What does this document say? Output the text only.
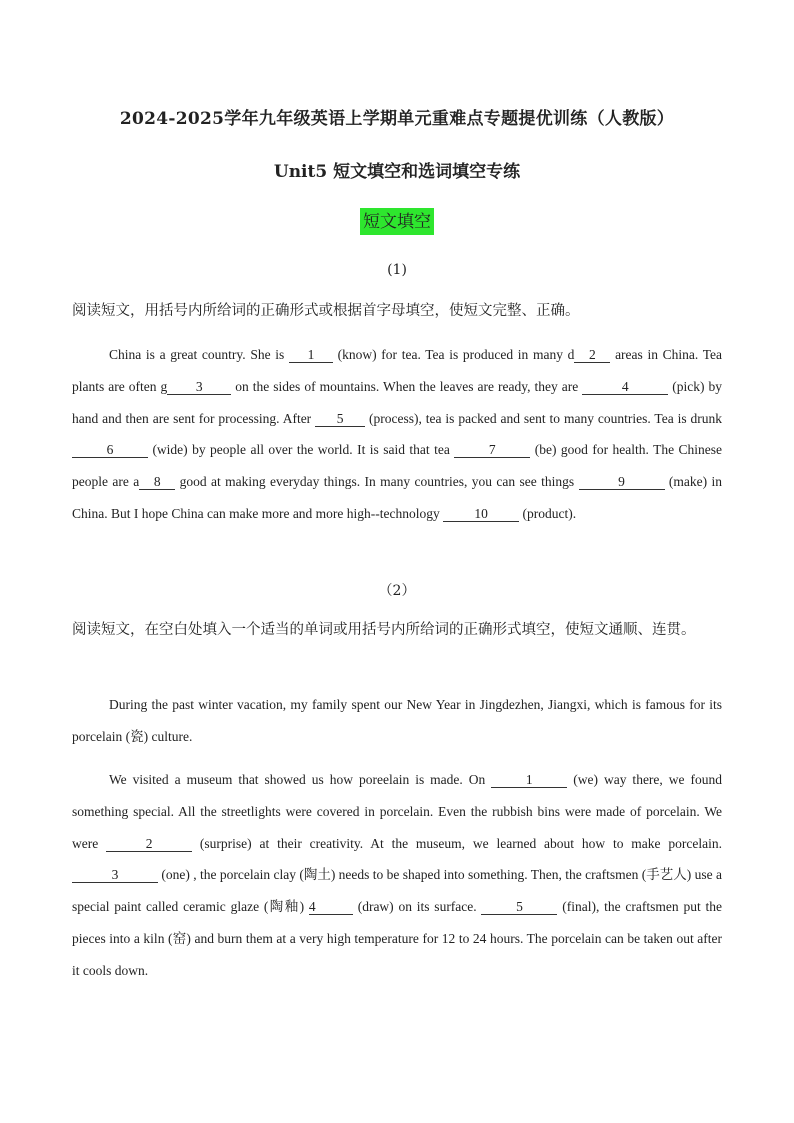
2024-2025学年九年级英语上学期单元重难点专题提优训练（人教版）
Unit5 短文填空和选词填空专练
短文填空
(1)
阅读短文，用括号内所给词的正确形式或根据首字母填空，使短文完整、正确。
China is a great country. She is 1 (know) for tea. Tea is produced in many d 2 areas in China. Tea plants are often g 3 on the sides of mountains. When the leaves are ready, they are	4	(pick) by hand and then are sent for processing. After 5 (process), tea is packed and sent to many countries. Tea is drunk 6	(wide) by people all over the world. It is said that tea	7	(be) good for health. The Chinese people are a 8 good at making everyday things. In many countries, you can see things	9	(make) in China. But I hope China can make more and more high--technology 10 (product).
（2）
阅读短文，在空白处填入一个适当的单词或用括号内所给词的正确形式填空，使短文通顺、连贯。
During the past winter vacation, my family spent our New Year in Jingdezhen, Jiangxi, which is famous for its porcelain (瓷) culture.
We visited a museum that showed us how poreelain is made. On	1	(we) way there, we found something special. All the streetlights were covered in porcelain. Even the rubbish bins were made of porcelain. We were	2	(surprise) at their creativity. At the museum, we learned about how to make porcelain. 3	(one) , the porcelain clay (陶土) needs to be shaped into something. Then, the craftsmen (手艺人) use a special paint called ceramic glaze (陶釉) 4	(draw) on its surface.	5	(final), the craftsmen put the pieces into a kiln (窑) and burn them at a very high temperature for 12 to 24 hours. The porcelain can be taken out after it cools down.
